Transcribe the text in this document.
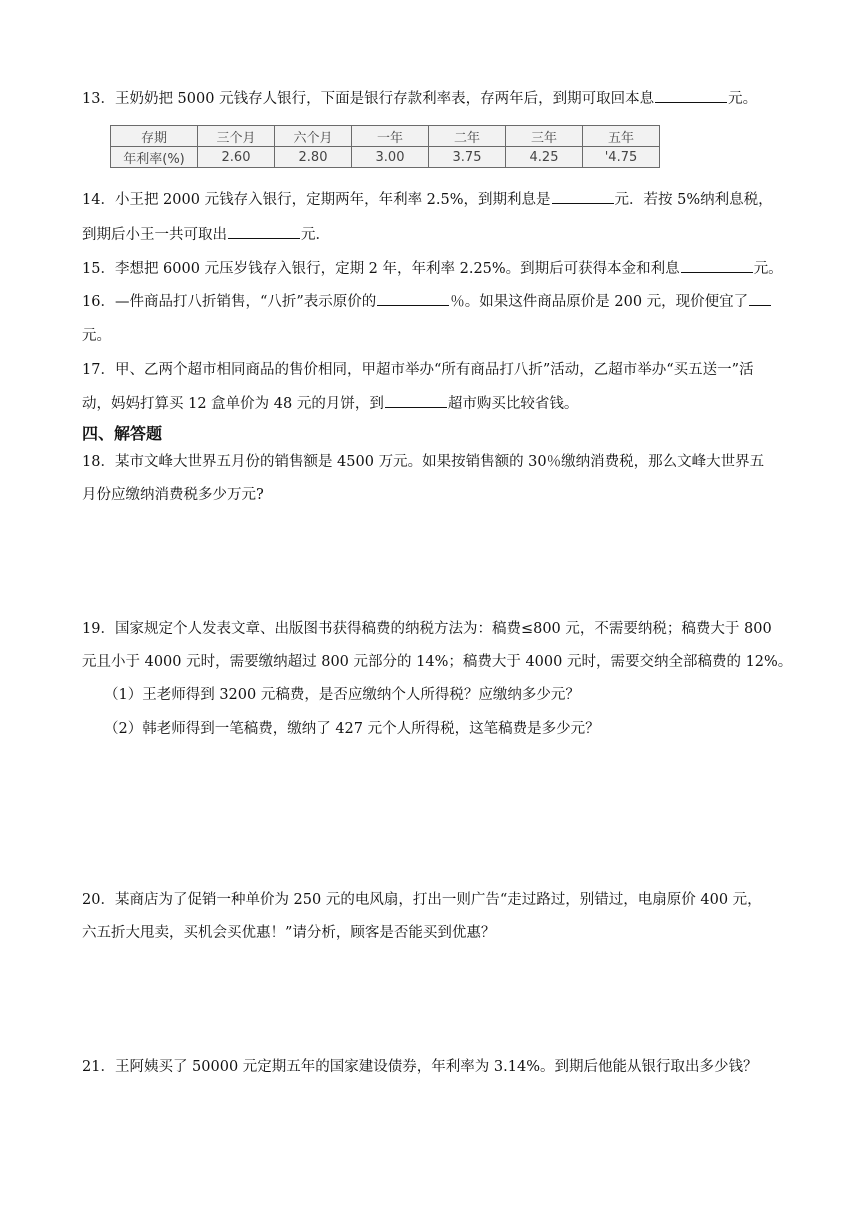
13．王奶奶把 5000 元钱存人银行，下面是银行存款利率表，存两年后，到期可取回本息	元。
存期	三个月	六个月	一年	二年	三年	五年
年利率(%)	2.60	2.80	3.00	3.75	4.25	'4.75
14．小王把 2000 元钱存入银行，定期两年，年利率 2.5%，到期利息是	元．若按 5%纳利息税，
到期后小王一共可取出	元．
15．李想把 6000 元压岁钱存入银行，定期 2 年，年利率 2.25%。到期后可获得本金和利息	元。
16．—件商品打八折销售，“八折”表示原价的	％。如果这件商品原价是 200 元，现价便宜了
元。
17．甲、乙两个超市相同商品的售价相同，甲超市举办“所有商品打八折”活动，乙超市举办“买五送一”活
动，妈妈打算买 12 盒单价为 48 元的月饼，到	超市购买比较省钱。
四、解答题
18．某市文峰大世界五月份的销售额是 4500 万元。如果按销售额的 30％缴纳消费税，那么文峰大世界五
月份应缴纳消费税多少万元?
19．国家规定个人发表文章、出版图书获得稿费的纳税方法为：稿费≤800 元，不需要纳税；稿费大于 800
元且小于 4000 元时，需要缴纳超过 800 元部分的 14%；稿费大于 4000 元时，需要交纳全部稿费的 12%。
（1）王老师得到 3200 元稿费，是否应缴纳个人所得税？应缴纳多少元？
（2）韩老师得到一笔稿费，缴纳了 427 元个人所得税，这笔稿费是多少元？
20．某商店为了促销一种单价为 250 元的电风扇，打出一则广告“走过路过，别错过，电扇原价 400 元，
六五折大甩卖，买机会买优惠！”请分析，顾客是否能买到优惠？
21．王阿姨买了 50000 元定期五年的国家建设债券，年利率为 3.14%。到期后他能从银行取出多少钱？
